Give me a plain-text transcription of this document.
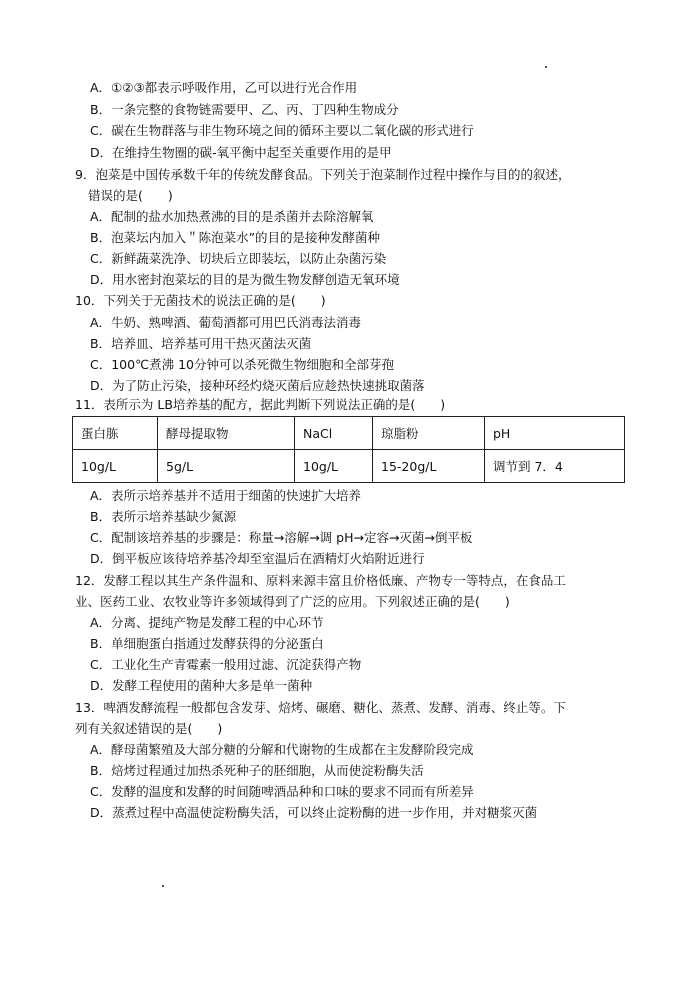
A．①②③都表示呼吸作用，乙可以进行光合作用
B．一条完整的食物链需要甲、乙、丙、丁四种生物成分
C．碳在生物群落与非生物环境之间的循环主要以二氧化碳的形式进行
D．在维持生物圈的碳-氧平衡中起至关重要作用的是甲
9．泡菜是中国传承数千年的传统发酵食品。下列关于泡菜制作过程中操作与目的的叙述，
错误的是(　　)
A．配制的盐水加热煮沸的目的是杀菌并去除溶解氧
B．泡菜坛内加入＂陈泡菜水”的目的是接种发酵菌种
C．新鲜蔬菜洗净、切块后立即装坛，以防止杂菌污染
D．用水密封泡菜坛的目的是为微生物发酵创造无氧环境
10．下列关于无菌技术的说法正确的是(　　)
A．牛奶、熟啤酒、葡萄酒都可用巴氏消毒法消毒
B．培养皿、培养基可用干热灭菌法灭菌
C．100℃煮沸 10分钟可以杀死微生物细胞和全部芽孢
D．为了防止污染，接种环经灼烧灭菌后应趁热快速挑取菌落
11．表所示为 LB培养基的配方，据此判断下列说法正确的是(　　)
蛋白胨	酵母提取物	NaCl	琼脂粉	pH
10g/L	5g/L	10g/L	15-20g/L	调节到 7．4
A．表所示培养基并不适用于细菌的快速扩大培养
B．表所示培养基缺少氮源
C．配制该培养基的步骤是：称量→溶解→调 pH→定容→灭菌→倒平板
D．倒平板应该待培养基冷却至室温后在酒精灯火焰附近进行
12．发酵工程以其生产条件温和、原料来源丰富且价格低廉、产物专一等特点，在食品工
业、医药工业、农牧业等许多领域得到了广泛的应用。下列叙述正确的是(　　)
A．分离、提纯产物是发酵工程的中心环节
B．单细胞蛋白指通过发酵获得的分泌蛋白
C．工业化生产青霉素一般用过滤、沉淀获得产物
D．发酵工程使用的菌种大多是单一菌种
13．啤酒发酵流程一般都包含发芽、焙烤、碾磨、糖化、蒸煮、发酵、消毒、终止等。下
列有关叙述错误的是(　　)
A．酵母菌繁殖及大部分糖的分解和代谢物的生成都在主发酵阶段完成
B．焙烤过程通过加热杀死种子的胚细胞，从而使淀粉酶失活
C．发酵的温度和发酵的时间随啤酒品种和口味的要求不同而有所差异
D．蒸煮过程中高温使淀粉酶失活，可以终止淀粉酶的进一步作用，并对糖浆灭菌
